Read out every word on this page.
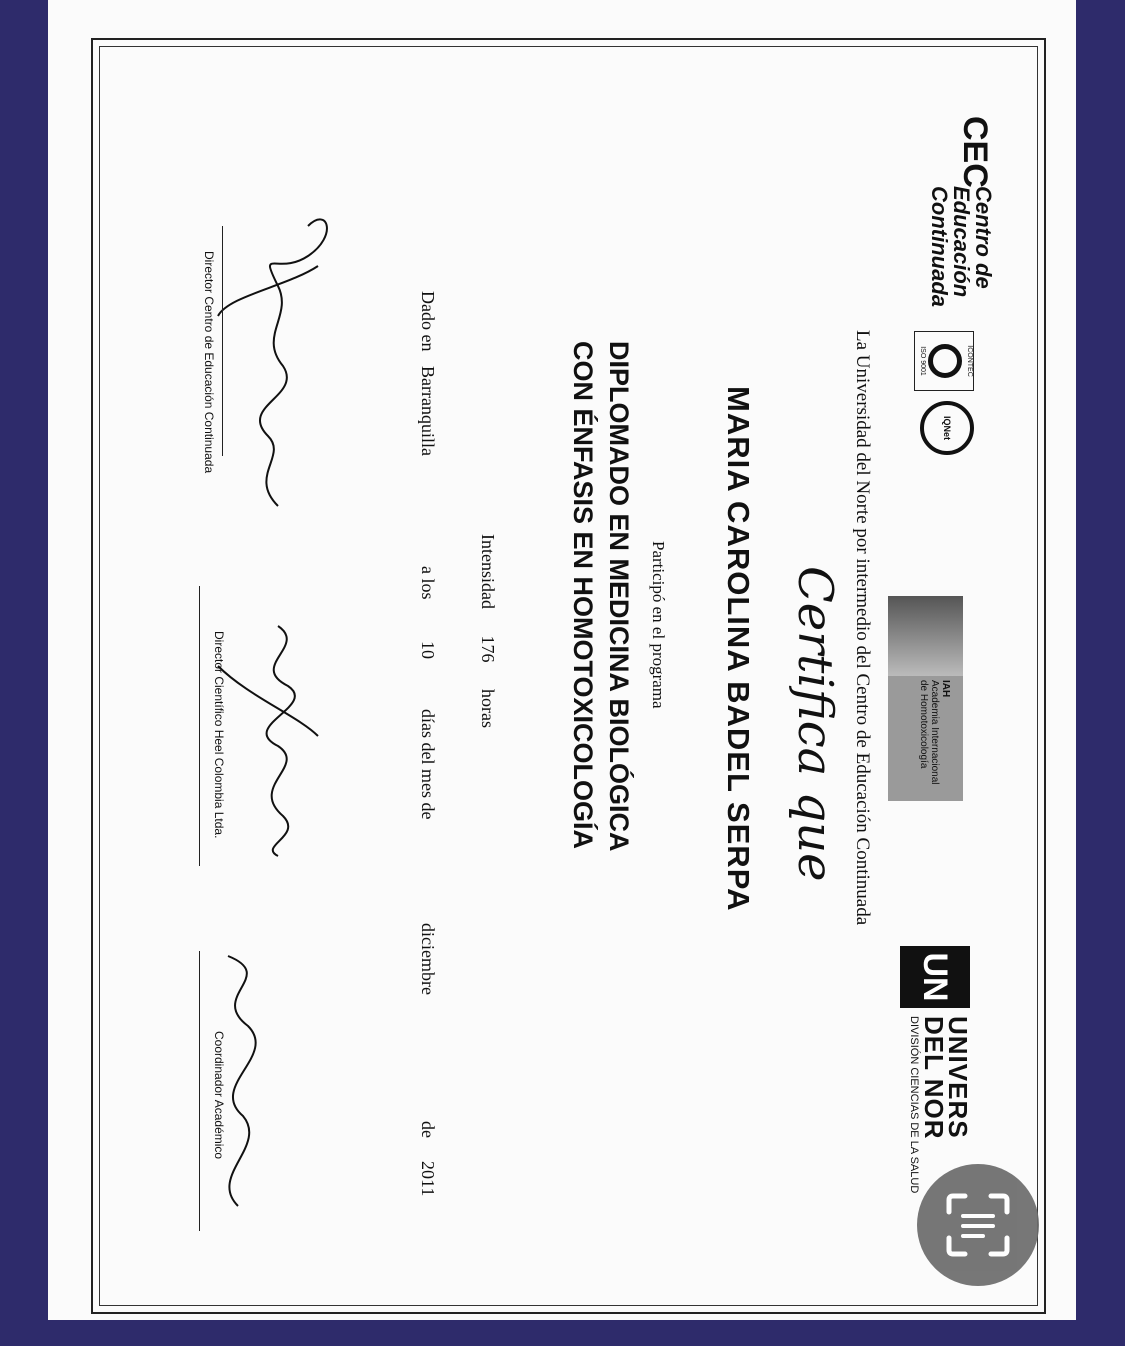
CEC
Centro de
Educación
Continuada
ICONTEC
ISO 9001
IQNet
IAH
Academia Internacional
de Homotoxicología
UN
UNIVERS
DEL NOR
DIVISIÓN CIENCIAS DE LA SALUD
La Universidad del Norte por intermedio del Centro de Educación Continuada
Certifica que
MARIA CAROLINA BADEL SERPA
Participó en el programa
DIPLOMADO EN MEDICINA BIOLÓGICA
CON ÉNFASIS EN HOMOTOXICOLOGÍA
Intensidad 176 horas
Dado en
Barranquilla
a los
10
días del mes de
diciembre
de
2011
Director Centro de Educación Continuada
Director Científico Heel Colombia Ltda.
Coordinador Académico
